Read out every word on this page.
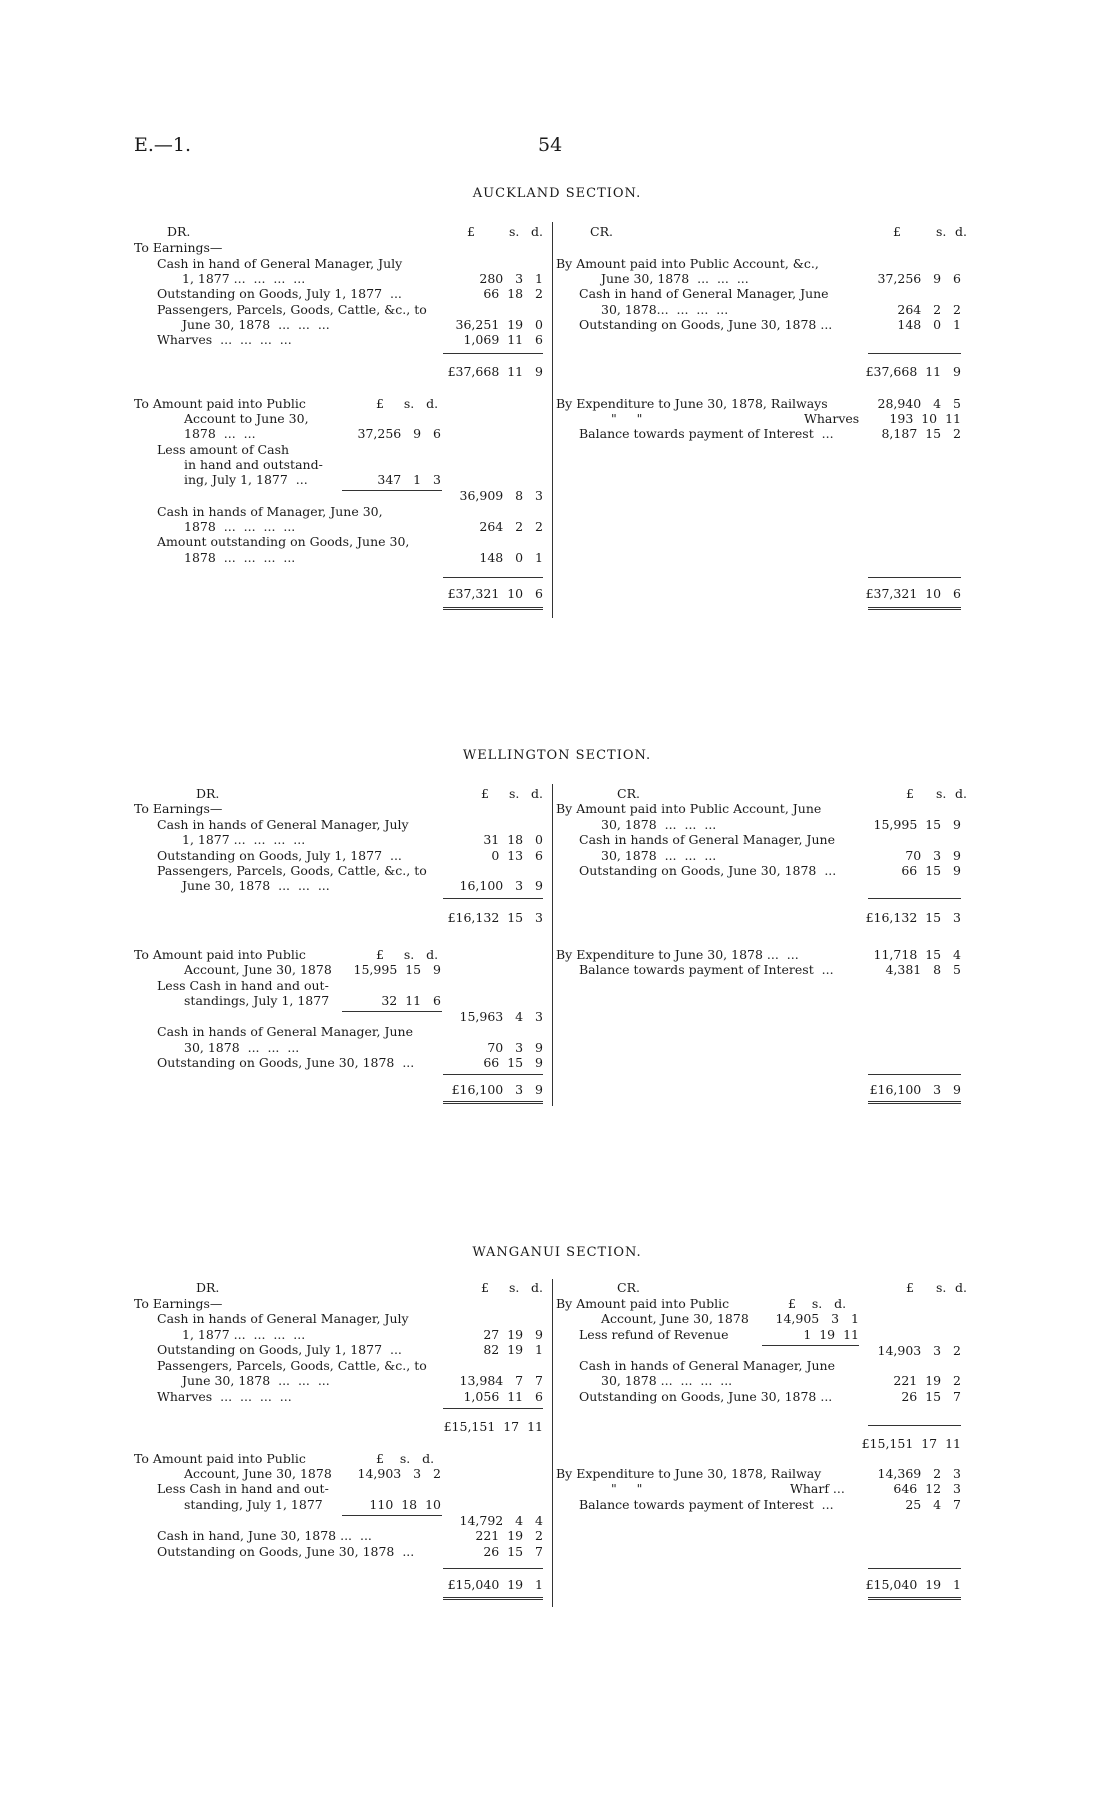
E.—1.	54
AUCKLAND SECTION.
DR.	£	s. d.	CR.	£	s. d.
To Earnings—
Cash in hand of General Manager, July
1, 1877 ...  ...  ...  ...	280   3   1
Outstanding on Goods, July 1, 1877  ...	66  18   2
Passengers, Parcels, Goods, Cattle, &c., to
June 30, 1878  ...  ...  ...	36,251  19   0
Wharves  ...  ...  ...  ...	1,069  11   6
£37,668  11   9
By Amount paid into Public Account, &c.,
June 30, 1878  ...  ...  ...	37,256   9   6
Cash in hand of General Manager, June
30, 1878...  ...  ...  ...	264   2   2
Outstanding on Goods, June 30, 1878 ...	148   0   1
£37,668  11   9
To Amount paid into Public	£     s.   d.
Account to June 30,
1878  ...  ...	37,256   9   6
Less amount of Cash
in hand and outstand-
ing, July 1, 1877  ...	347   1   3
36,909   8   3
Cash in hands of Manager, June 30,
1878  ...  ...  ...  ...	264   2   2
Amount outstanding on Goods, June 30,
1878  ...  ...  ...  ...	148   0   1
£37,321  10   6
By Expenditure to June 30, 1878, Railways	28,940   4   5
"     "	Wharves	193  10  11
Balance towards payment of Interest  ...	8,187  15   2
£37,321  10   6
WELLINGTON SECTION.
DR.	£ s. d.	CR.	£ s. d.
To Earnings—
Cash in hands of General Manager, July
1, 1877 ...  ...  ...  ...	31  18   0
Outstanding on Goods, July 1, 1877  ...	0  13   6
Passengers, Parcels, Goods, Cattle, &c., to
June 30, 1878  ...  ...  ...	16,100   3   9
£16,132  15   3
By Amount paid into Public Account, June
30, 1878  ...  ...  ...	15,995  15   9
Cash in hands of General Manager, June
30, 1878  ...  ...  ...	70   3   9
Outstanding on Goods, June 30, 1878  ...	66  15   9
£16,132  15   3
To Amount paid into Public	£     s.   d.
Account, June 30, 1878	15,995  15   9
Less Cash in hand and out-
standings, July 1, 1877	32  11   6
15,963   4   3
Cash in hands of General Manager, June
30, 1878  ...  ...  ...	70   3   9
Outstanding on Goods, June 30, 1878  ...	66  15   9
£16,100   3   9
By Expenditure to June 30, 1878 ...  ...	11,718  15   4
Balance towards payment of Interest  ...	4,381   8   5
£16,100   3   9
WANGANUI SECTION.
DR.	£ s. d.	CR.	£ s. d.
To Earnings—
Cash in hands of General Manager, July
1, 1877 ...  ...  ...  ...	27  19   9
Outstanding on Goods, July 1, 1877  ...	82  19   1
Passengers, Parcels, Goods, Cattle, &c., to
June 30, 1878  ...  ...  ...	13,984   7   7
Wharves  ...  ...  ...  ...	1,056  11   6
£15,151  17  11
By Amount paid into Public	£    s.   d.
Account, June 30, 1878	14,905   3   1
Less refund of Revenue	1  19  11
14,903   3   2
Cash in hands of General Manager, June
30, 1878 ...  ...  ...  ...	221  19   2
Outstanding on Goods, June 30, 1878 ...	26  15   7
£15,151  17  11
To Amount paid into Public	£    s.   d.
Account, June 30, 1878	14,903   3   2
Less Cash in hand and out-
standing, July 1, 1877	110  18  10
14,792   4   4
Cash in hand, June 30, 1878 ...  ...	221  19   2
Outstanding on Goods, June 30, 1878  ...	26  15   7
£15,040  19   1
By Expenditure to June 30, 1878, Railway	14,369   2   3
"     "	Wharf ...	646  12   3
Balance towards payment of Interest  ...	25   4   7
£15,040  19   1
